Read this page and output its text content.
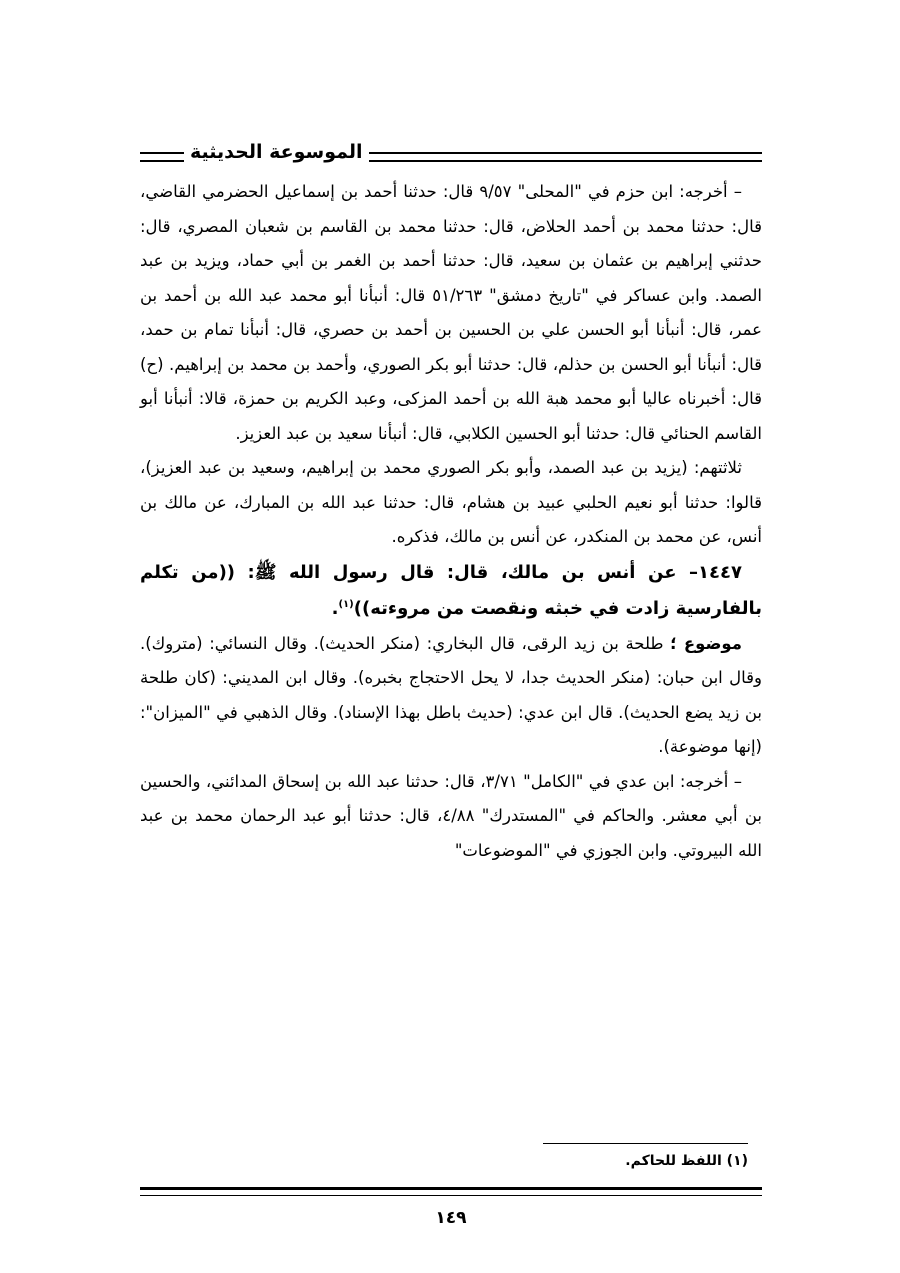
الموسوعة الحديثية

– أخرجه: ابن حزم في "المحلى" ٩/٥٧ قال: حدثنا أحمد بن إسماعيل الحضرمي القاضي، قال: حدثنا محمد بن أحمد الحلاض، قال: حدثنا محمد بن القاسم بن شعبان المصري، قال: حدثني إبراهيم بن عثمان بن سعيد، قال: حدثنا أحمد بن الغمر بن أبي حماد، ويزيد بن عبد الصمد. وابن عساكر في "تاريخ دمشق" ٥١/٢٦٣ قال: أنبأنا أبو محمد عبد الله بن أحمد بن عمر، قال: أنبأنا أبو الحسن علي بن الحسين بن أحمد بن حصري، قال: أنبأنا تمام بن حمد، قال: أنبأنا أبو الحسن بن حذلم، قال: حدثنا أبو بكر الصوري، وأحمد بن محمد بن إبراهيم. (ح) قال: أخبرناه عاليا أبو محمد هبة الله بن أحمد المزكى، وعبد الكريم بن حمزة، قالا: أنبأنا أبو القاسم الحنائي قال: حدثنا أبو الحسين الكلابي، قال: أنبأنا سعيد بن عبد العزيز.

ثلاثتهم: (يزيد بن عبد الصمد، وأبو بكر الصوري محمد بن إبراهيم، وسعيد بن عبد العزيز)، قالوا: حدثنا أبو نعيم الحلبي عبيد بن هشام، قال: حدثنا عبد الله بن المبارك، عن مالك بن أنس، عن محمد بن المنكدر، عن أنس بن مالك، فذكره.

١٤٤٧– عن أنس بن مالك، قال: قال رسول الله ﷺ: ((من تكلم بالفارسية زادت في خبثه ونقصت من مروءته))$^{(١)}$.

موضوع ؛ طلحة بن زيد الرقى، قال البخاري: (منكر الحديث). وقال النسائي: (متروك). وقال ابن حبان: (منكر الحديث جدا، لا يحل الاحتجاج بخبره). وقال ابن المديني: (كان طلحة بن زيد يضع الحديث). قال ابن عدي: (حديث باطل بهذا الإسناد). وقال الذهبي في "الميزان": (إنها موضوعة).

– أخرجه: ابن عدي في "الكامل" ٣/٧١، قال: حدثنا عبد الله بن إسحاق المدائني، والحسين بن أبي معشر. والحاكم في "المستدرك" ٤/٨٨، قال: حدثنا أبو عبد الرحمان محمد بن عبد الله البيروتي. وابن الجوزي في "الموضوعات"

(١) اللفظ للحاكم.
١٤٩
